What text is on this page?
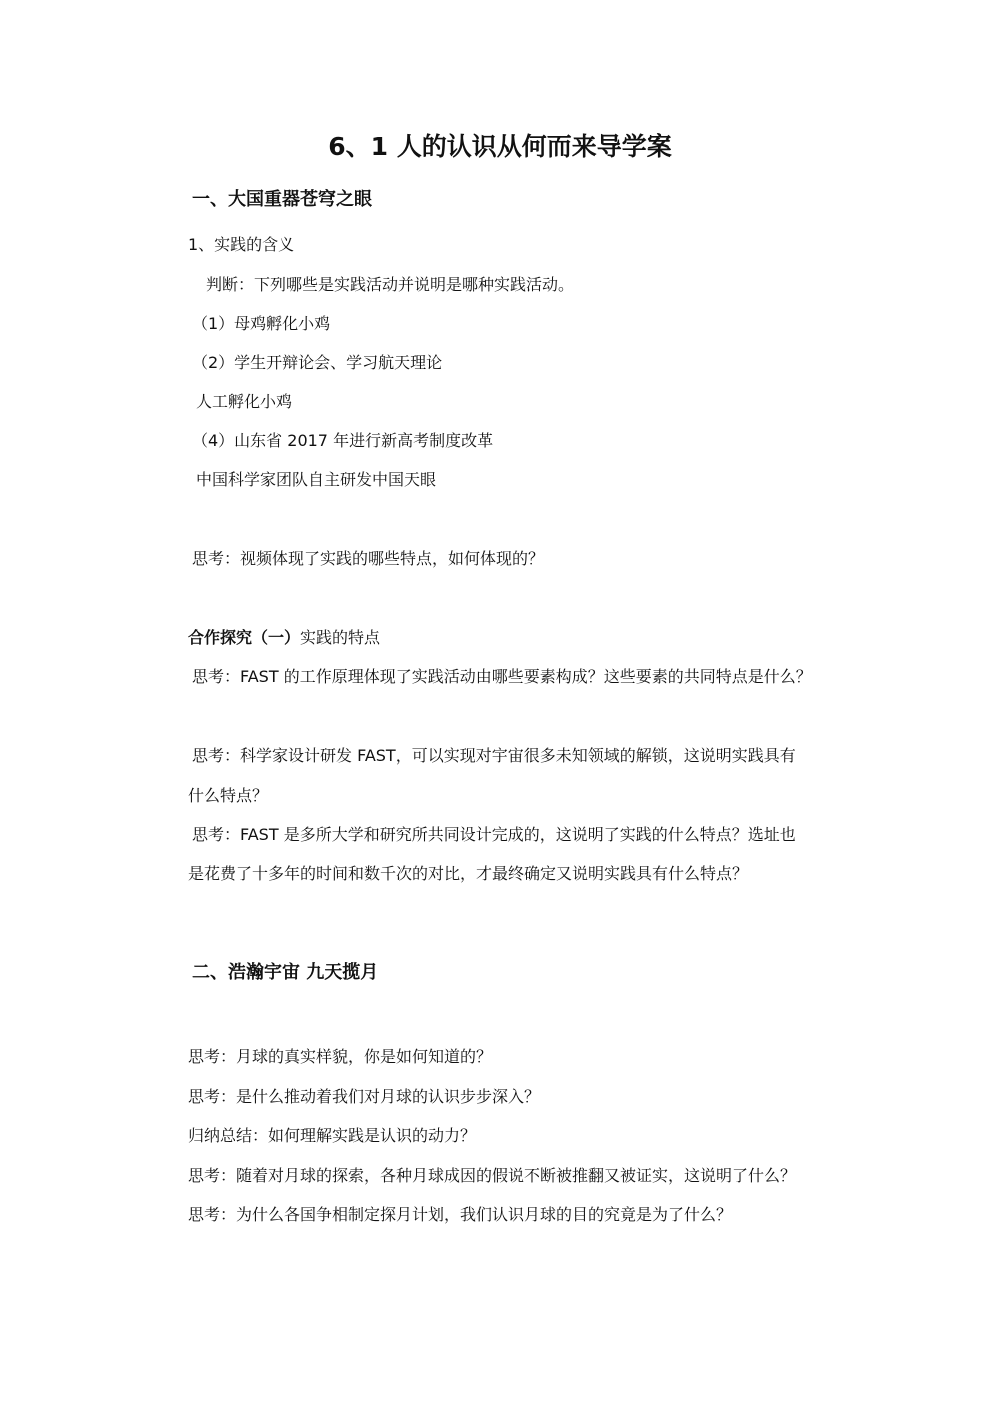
6、1 人的认识从何而来导学案
一、大国重器苍穹之眼
1、实践的含义
判断：下列哪些是实践活动并说明是哪种实践活动。
（1）母鸡孵化小鸡
（2）学生开辩论会、学习航天理论
人工孵化小鸡
（4）山东省 2017 年进行新高考制度改革
中国科学家团队自主研发中国天眼
思考：视频体现了实践的哪些特点，如何体现的？
合作探究（一）实践的特点
思考：FAST 的工作原理体现了实践活动由哪些要素构成？这些要素的共同特点是什么？
思考：科学家设计研发 FAST，可以实现对宇宙很多未知领域的解锁，这说明实践具有
什么特点？
思考：FAST 是多所大学和研究所共同设计完成的，这说明了实践的什么特点？选址也
是花费了十多年的时间和数千次的对比，才最终确定又说明实践具有什么特点？
二、浩瀚宇宙 九天揽月
思考：月球的真实样貌，你是如何知道的？
思考：是什么推动着我们对月球的认识步步深入？
归纳总结：如何理解实践是认识的动力？
思考：随着对月球的探索，各种月球成因的假说不断被推翻又被证实，这说明了什么？
思考：为什么各国争相制定探月计划，我们认识月球的目的究竟是为了什么？
